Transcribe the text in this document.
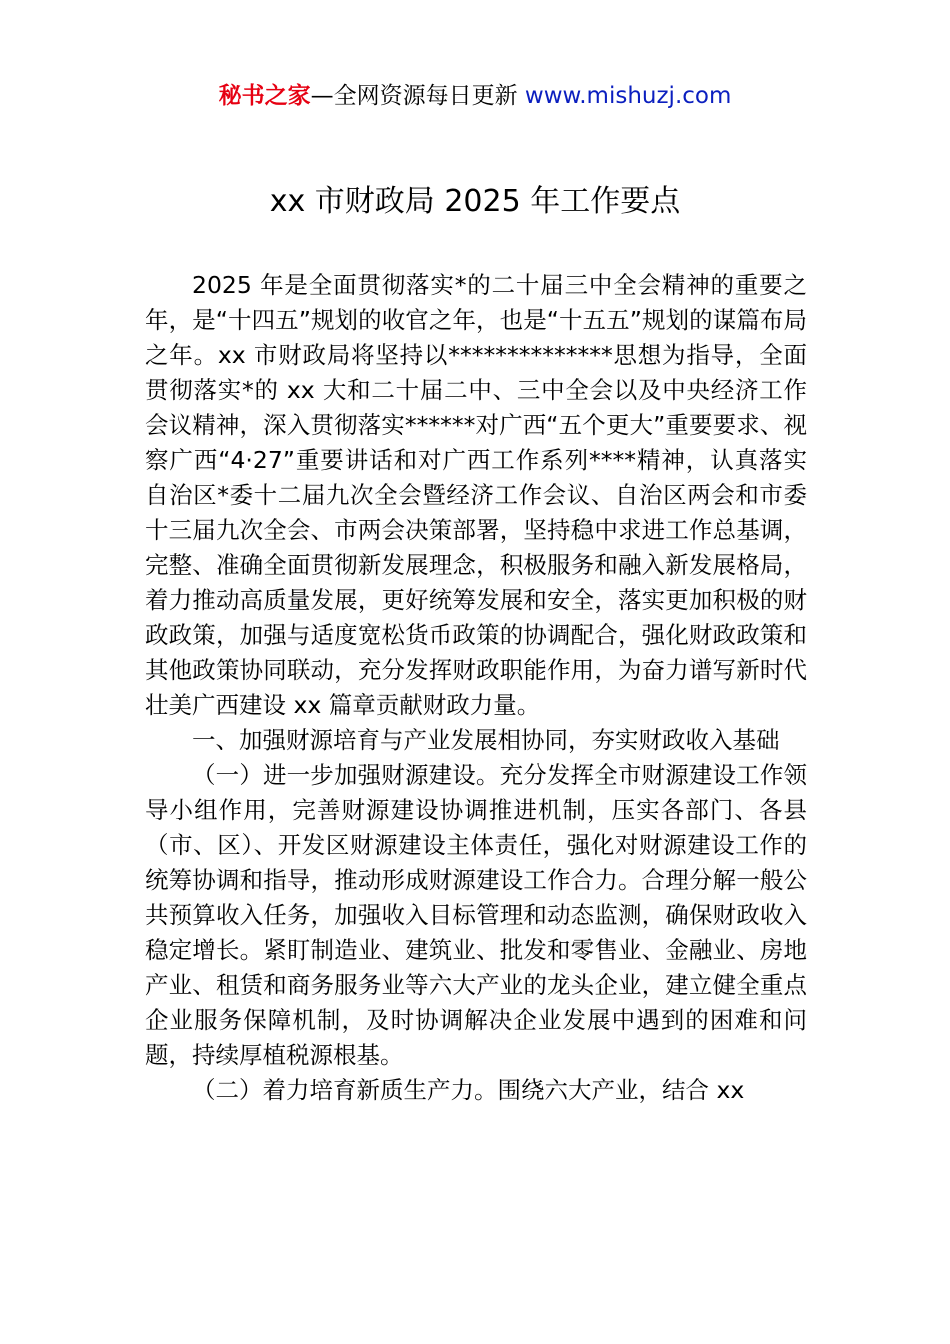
秘书之家—全网资源每日更新 www.mishuzj.com
xx 市财政局 2025 年工作要点

2025 年是全面贯彻落实*的二十届三中全会精神的重要之年，是“十四五”规划的收官之年，也是“十五五”规划的谋篇布局之年。xx 市财政局将坚持以**************思想为指导，全面贯彻落实*的 xx 大和二十届二中、三中全会以及中央经济工作会议精神，深入贯彻落实******对广西“五个更大”重要要求、视察广西“4·27”重要讲话和对广西工作系列****精神，认真落实自治区*委十二届九次全会暨经济工作会议、自治区两会和市委十三届九次全会、市两会决策部署，坚持稳中求进工作总基调，完整、准确全面贯彻新发展理念，积极服务和融入新发展格局，着力推动高质量发展，更好统筹发展和安全，落实更加积极的财政政策，加强与适度宽松货币政策的协调配合，强化财政政策和其他政策协同联动，充分发挥财政职能作用，为奋力谱写新时代壮美广西建设 xx 篇章贡献财政力量。

一、加强财源培育与产业发展相协同，夯实财政收入基础

（一）进一步加强财源建设。充分发挥全市财源建设工作领导小组作用，完善财源建设协调推进机制，压实各部门、各县（市、区）、开发区财源建设主体责任，强化对财源建设工作的统筹协调和指导，推动形成财源建设工作合力。合理分解一般公共预算收入任务，加强收入目标管理和动态监测，确保财政收入稳定增长。紧盯制造业、建筑业、批发和零售业、金融业、房地产业、租赁和商务服务业等六大产业的龙头企业，建立健全重点企业服务保障机制，及时协调解决企业发展中遇到的困难和问题，持续厚植税源根基。

（二）着力培育新质生产力。围绕六大产业，结合 xx
